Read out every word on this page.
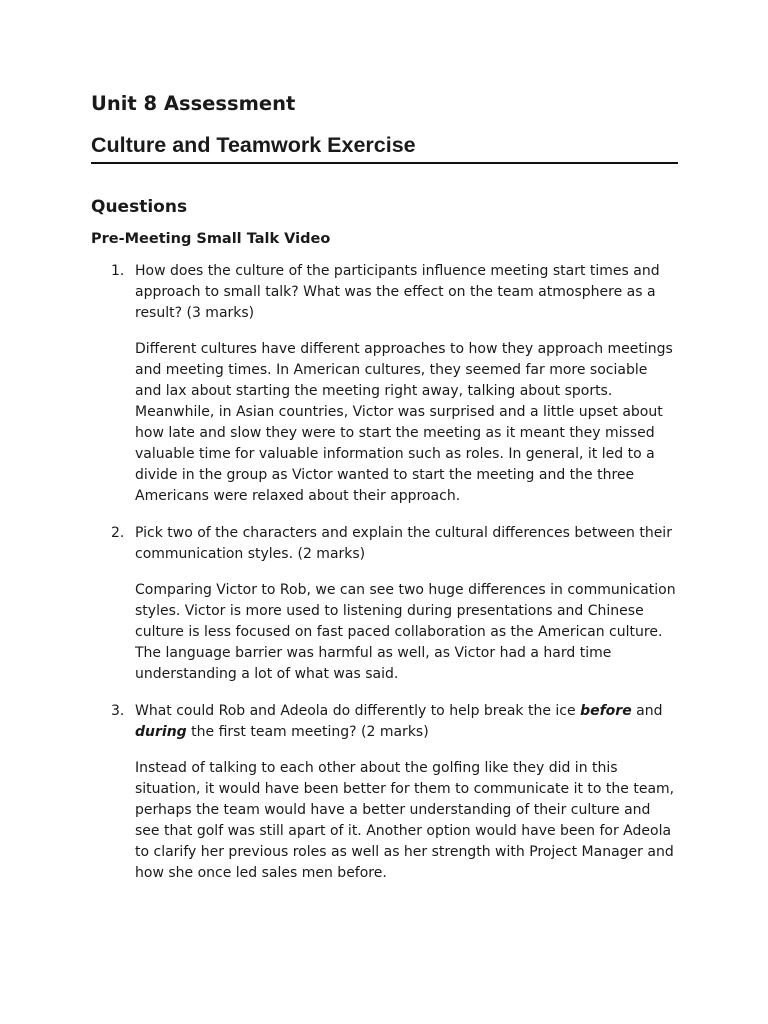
Unit 8 Assessment
Culture and Teamwork Exercise
Questions
Pre-Meeting Small Talk Video
1. How does the culture of the participants influence meeting start times and approach to small talk? What was the effect on the team atmosphere as a result? (3 marks)

Different cultures have different approaches to how they approach meetings and meeting times. In American cultures, they seemed far more sociable and lax about starting the meeting right away, talking about sports. Meanwhile, in Asian countries, Victor was surprised and a little upset about how late and slow they were to start the meeting as it meant they missed valuable time for valuable information such as roles. In general, it led to a divide in the group as Victor wanted to start the meeting and the three Americans were relaxed about their approach.

2. Pick two of the characters and explain the cultural differences between their communication styles. (2 marks)

Comparing Victor to Rob, we can see two huge differences in communication styles. Victor is more used to listening during presentations and Chinese culture is less focused on fast paced collaboration as the American culture. The language barrier was harmful as well, as Victor had a hard time understanding a lot of what was said.

3. What could Rob and Adeola do differently to help break the ice before and during the first team meeting? (2 marks)

Instead of talking to each other about the golfing like they did in this situation, it would have been better for them to communicate it to the team, perhaps the team would have a better understanding of their culture and see that golf was still apart of it. Another option would have been for Adeola to clarify her previous roles as well as her strength with Project Manager and how she once led sales men before.
